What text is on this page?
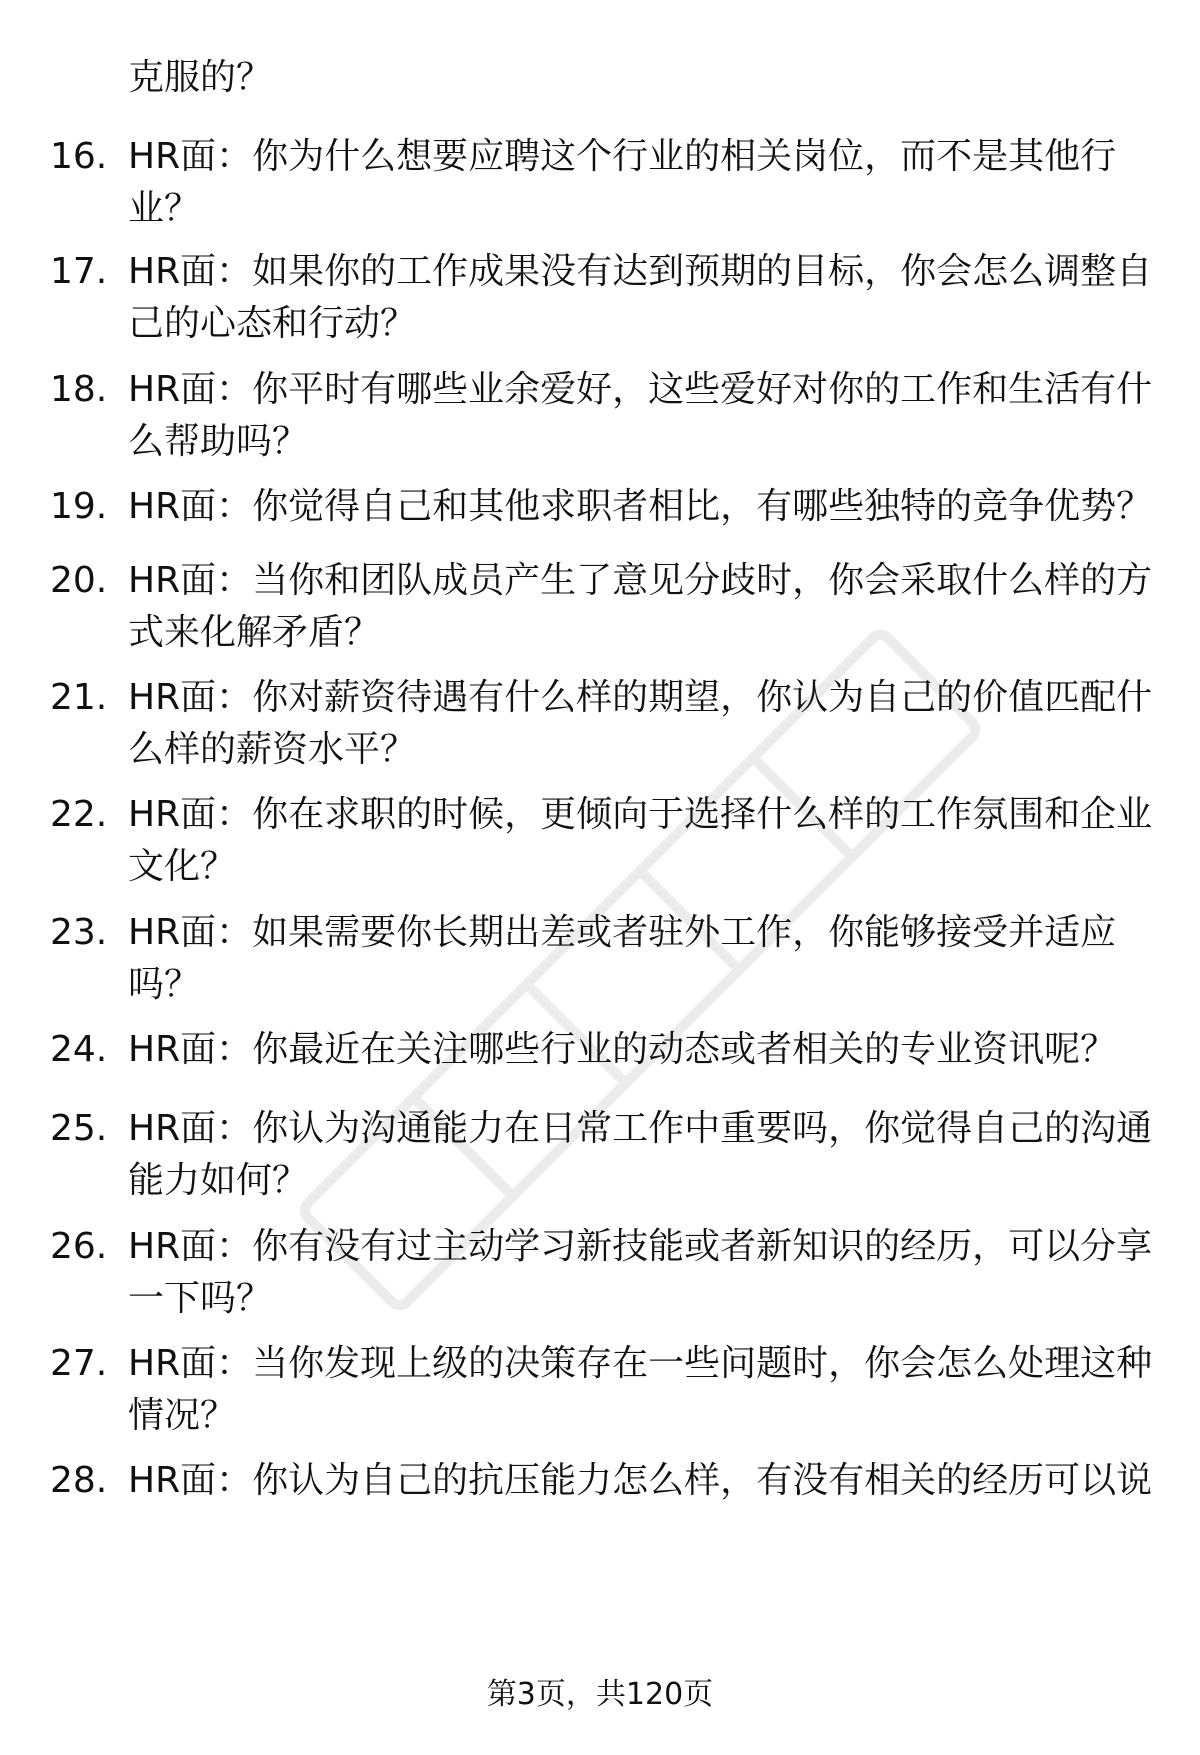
克服的？
16. HR面：你为什么想要应聘这个行业的相关岗位，而不是其他行业？
17. HR面：如果你的工作成果没有达到预期的目标，你会怎么调整自己的心态和行动？
18. HR面：你平时有哪些业余爱好，这些爱好对你的工作和生活有什么帮助吗？
19. HR面：你觉得自己和其他求职者相比，有哪些独特的竞争优势？
20. HR面：当你和团队成员产生了意见分歧时，你会采取什么样的方式来化解矛盾？
21. HR面：你对薪资待遇有什么样的期望，你认为自己的价值匹配什么样的薪资水平？
22. HR面：你在求职的时候，更倾向于选择什么样的工作氛围和企业文化？
23. HR面：如果需要你长期出差或者驻外工作，你能够接受并适应吗？
24. HR面：你最近在关注哪些行业的动态或者相关的专业资讯呢？
25. HR面：你认为沟通能力在日常工作中重要吗，你觉得自己的沟通能力如何？
26. HR面：你有没有过主动学习新技能或者新知识的经历，可以分享一下吗？
27. HR面：当你发现上级的决策存在一些问题时，你会怎么处理这种情况？
28. HR面：你认为自己的抗压能力怎么样，有没有相关的经历可以说
第3页，共120页
